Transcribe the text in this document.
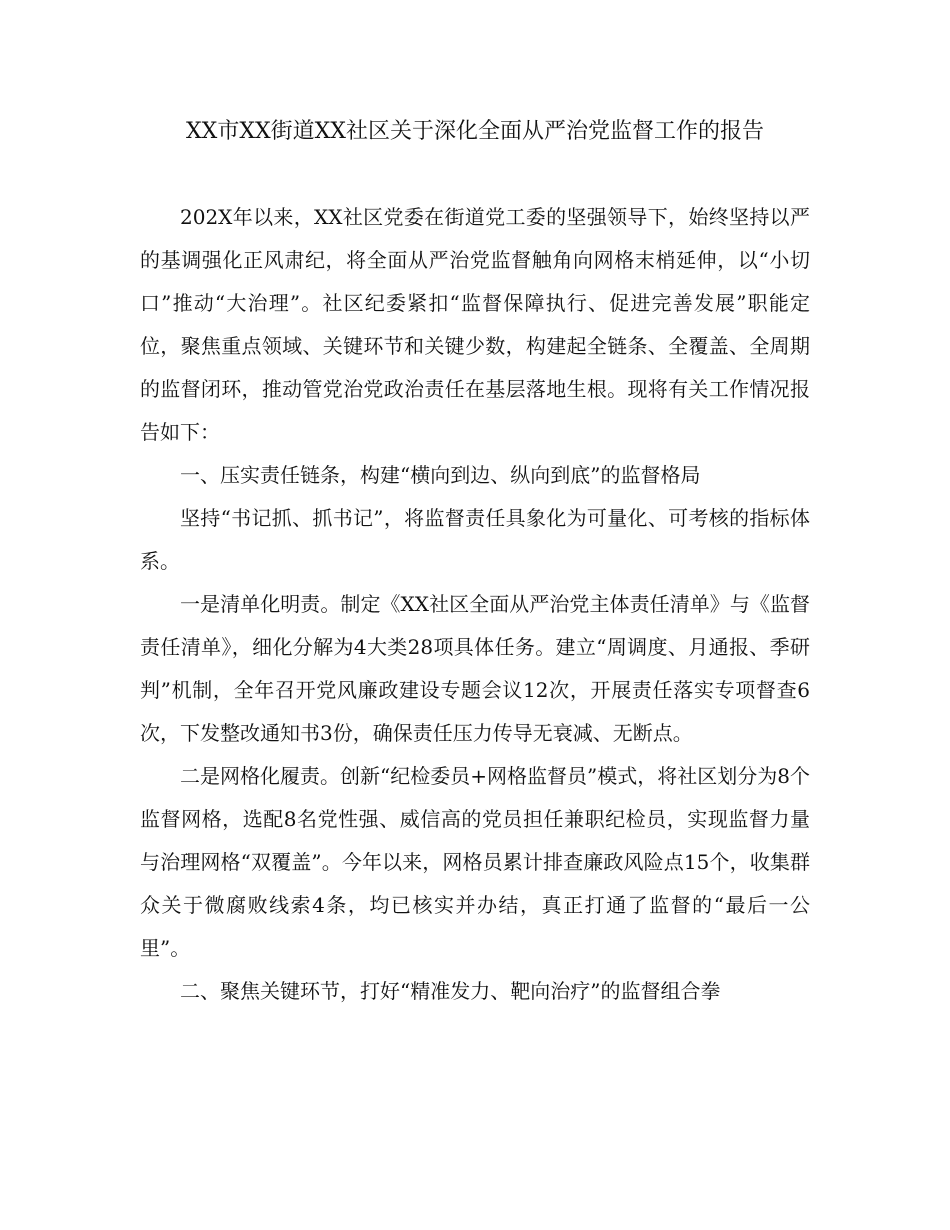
XX市XX街道XX社区关于深化全面从严治党监督工作的报告

202X年以来，XX社区党委在街道党工委的坚强领导下，始终坚持以严的基调强化正风肃纪，将全面从严治党监督触角向网格末梢延伸，以“小切口”推动“大治理”。社区纪委紧扣“监督保障执行、促进完善发展”职能定位，聚焦重点领域、关键环节和关键少数，构建起全链条、全覆盖、全周期的监督闭环，推动管党治党政治责任在基层落地生根。现将有关工作情况报告如下：

一、压实责任链条，构建“横向到边、纵向到底”的监督格局

坚持“书记抓、抓书记”，将监督责任具象化为可量化、可考核的指标体系。

一是清单化明责。制定《XX社区全面从严治党主体责任清单》与《监督责任清单》，细化分解为4大类28项具体任务。建立“周调度、月通报、季研判”机制，全年召开党风廉政建设专题会议12次，开展责任落实专项督查6次，下发整改通知书3份，确保责任压力传导无衰减、无断点。

二是网格化履责。创新“纪检委员+网格监督员”模式，将社区划分为8个监督网格，选配8名党性强、威信高的党员担任兼职纪检员，实现监督力量与治理网格“双覆盖”。今年以来，网格员累计排查廉政风险点15个，收集群众关于微腐败线索4条，均已核实并办结，真正打通了监督的“最后一公里”。

二、聚焦关键环节，打好“精准发力、靶向治疗”的监督组合拳
